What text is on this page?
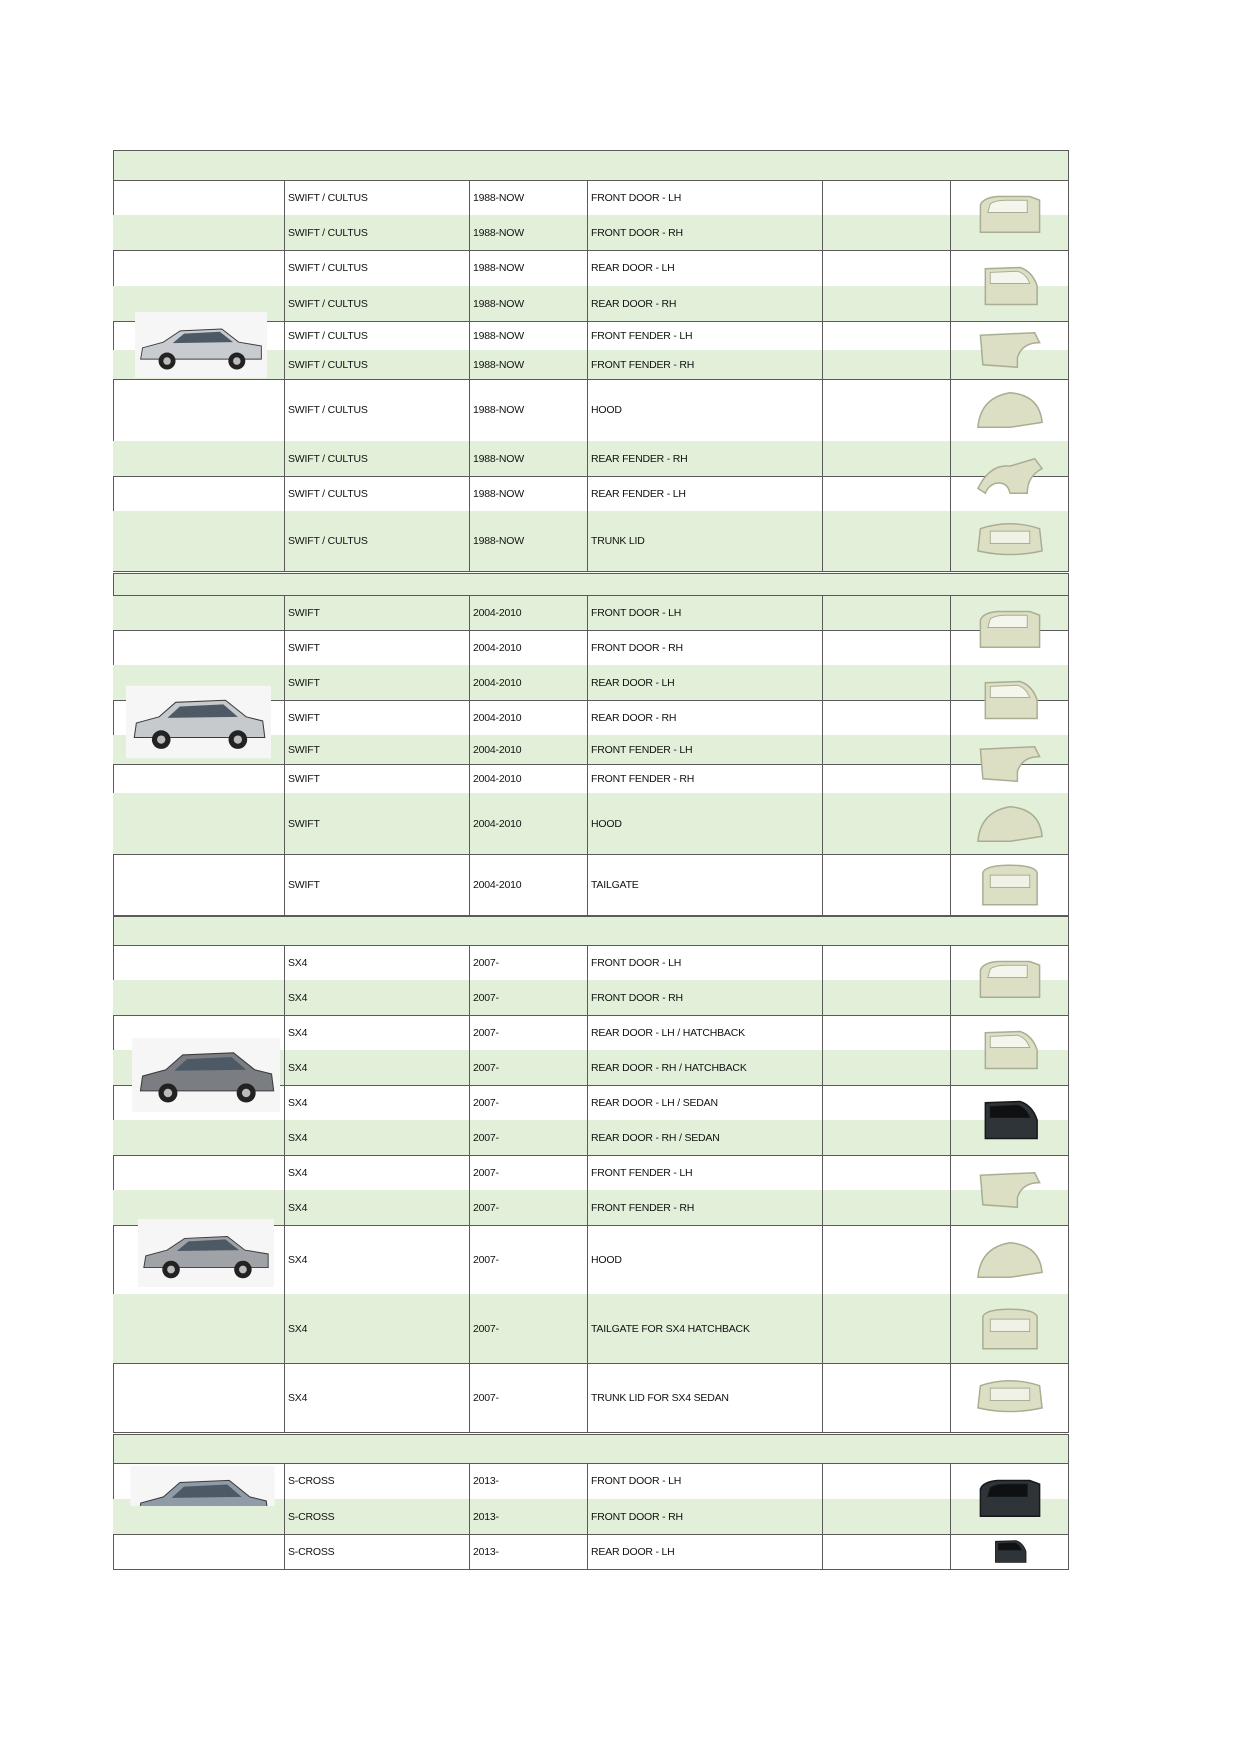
SWIFT / CULTUS	1988-NOW	FRONT DOOR - LH
SWIFT / CULTUS	1988-NOW	FRONT DOOR - RH
SWIFT / CULTUS	1988-NOW	REAR DOOR - LH
SWIFT / CULTUS	1988-NOW	REAR DOOR - RH
SWIFT / CULTUS	1988-NOW	FRONT FENDER - LH
SWIFT / CULTUS	1988-NOW	FRONT FENDER - RH
SWIFT / CULTUS	1988-NOW	HOOD
SWIFT / CULTUS	1988-NOW	REAR FENDER - RH
SWIFT / CULTUS	1988-NOW	REAR FENDER - LH
SWIFT / CULTUS	1988-NOW	TRUNK LID
SWIFT	2004-2010	FRONT DOOR - LH
SWIFT	2004-2010	FRONT DOOR - RH
SWIFT	2004-2010	REAR DOOR - LH
SWIFT	2004-2010	REAR DOOR - RH
SWIFT	2004-2010	FRONT FENDER - LH
SWIFT	2004-2010	FRONT FENDER - RH
SWIFT	2004-2010	HOOD
SWIFT	2004-2010	TAILGATE
SX4	2007-	FRONT DOOR - LH
SX4	2007-	FRONT DOOR - RH
SX4	2007-	REAR DOOR - LH / HATCHBACK
SX4	2007-	REAR DOOR - RH / HATCHBACK
SX4	2007-	REAR DOOR - LH / SEDAN
SX4	2007-	REAR DOOR - RH / SEDAN
SX4	2007-	FRONT FENDER - LH
SX4	2007-	FRONT FENDER - RH
SX4	2007-	HOOD
SX4	2007-	TAILGATE FOR SX4 HATCHBACK
SX4	2007-	TRUNK LID FOR SX4 SEDAN
S-CROSS	2013-	FRONT DOOR - LH
S-CROSS	2013-	FRONT DOOR - RH
S-CROSS	2013-	REAR DOOR - LH
